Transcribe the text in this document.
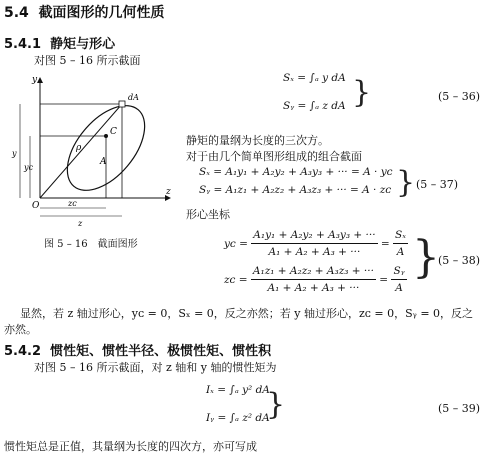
5.4 截面图形的几何性质
5.4.1 静矩与形心
对图 5 – 16 所示截面
y
z
O
C
dA
ρ
A
y
yᴄ
zᴄ
z
图 5 – 16　截面图形
Sₓ = ∫ₐ y dA
Sᵧ = ∫ₐ z dA }	(5 – 36)
静矩的量纲为长度的三次方。
对于由几个简单图形组成的组合截面
Sₓ = A₁y₁ + A₂y₂ + A₃y₃ + ··· = A · yᴄ
Sᵧ = A₁z₁ + A₂z₂ + A₃z₃ + ··· = A · zᴄ } (5 – 37)
形心坐标
yᴄ = $\frac{\text{A₁y₁ + A₂y₂ + A₃y₃ + ···}}{\text{A₁ + A₂ + A₃ + ···}} = \frac{\text{Sₓ}}{A}$
zᴄ = $\frac{\text{A₁z₁ + A₂z₂ + A₃z₃ + ···}}{\text{A₁ + A₂ + A₃ + ···}} = \frac{\text{Sᵧ}}{A}$ }
(5 – 38)
显然，若 z 轴过形心，yᴄ = 0，Sₓ = 0，反之亦然；若 y 轴过形心，zᴄ = 0，Sᵧ = 0，反之
亦然。
5.4.2 惯性矩、惯性半径、极惯性矩、惯性积
对图 5 – 16 所示截面，对 z 轴和 y 轴的惯性矩为
Iₓ = ∫ₐ y² dA
Iᵧ = ∫ₐ z² dA
}	(5 – 39)
惯性矩总是正值，其量纲为长度的四次方，亦可写成
